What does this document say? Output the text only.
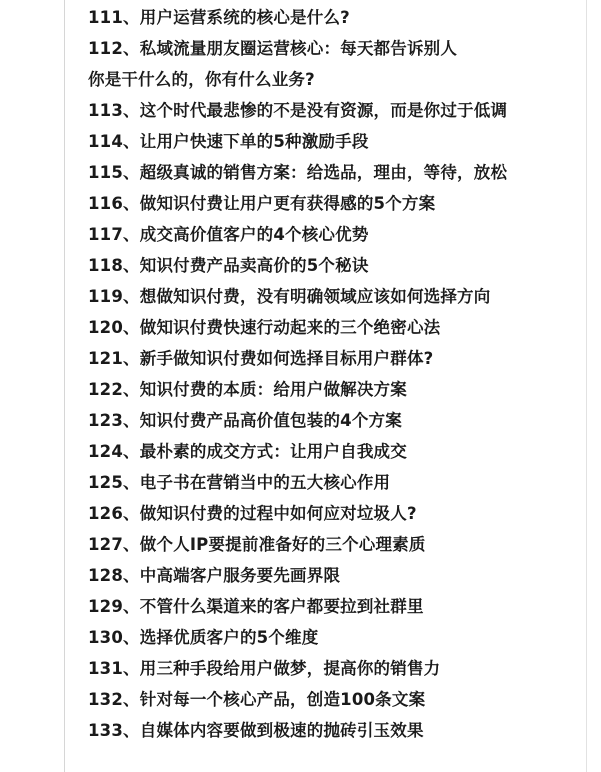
111、用户运营系统的核心是什么?
112、私域流量朋友圈运营核心：每天都告诉别人
你是干什么的，你有什么业务?
113、这个时代最悲惨的不是没有资源，而是你过于低调
114、让用户快速下单的5种激励手段
115、超级真诚的销售方案：给选品，理由，等待，放松
116、做知识付费让用户更有获得感的5个方案
117、成交高价值客户的4个核心优势
118、知识付费产品卖高价的5个秘诀
119、想做知识付费，没有明确领域应该如何选择方向
120、做知识付费快速行动起来的三个绝密心法
121、新手做知识付费如何选择目标用户群体?
122、知识付费的本质：给用户做解决方案
123、知识付费产品高价值包装的4个方案
124、最朴素的成交方式：让用户自我成交
125、电子书在营销当中的五大核心作用
126、做知识付费的过程中如何应对垃圾人?
127、做个人IP要提前准备好的三个心理素质
128、中高端客户服务要先画界限
129、不管什么渠道来的客户都要拉到社群里
130、选择优质客户的5个维度
131、用三种手段给用户做梦，提高你的销售力
132、针对每一个核心产品，创造100条文案
133、自媒体内容要做到极速的抛砖引玉效果
